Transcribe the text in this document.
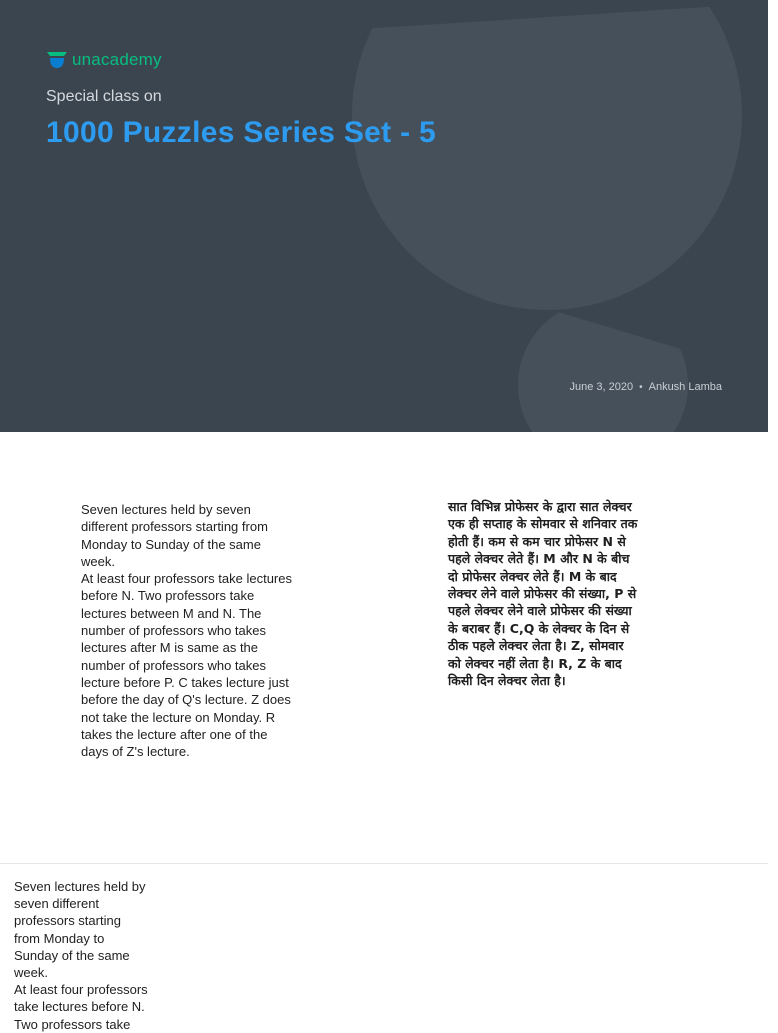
unacademy
Special class on
1000 Puzzles Series Set - 5
June 3, 2020 • Ankush Lamba

Seven lectures held by seven
different professors starting from
Monday to Sunday of the same
week.
At least four professors take lectures
before N. Two professors take
lectures between M and N. The
number of professors who takes
lectures after M is same as the
number of professors who takes
lecture before P. C takes lecture just
before the day of Q's lecture. Z does
not take the lecture on Monday. R
takes the lecture after one of the
days of Z's lecture.

सात विभिन्न प्रोफेसर के द्वारा सात लेक्चर एक ही सप्ताह के सोमवार से शनिवार तक होती हैं। कम से कम चार प्रोफेसर N से पहले लेक्चर लेते हैं। M और N के बीच दो प्रोफेसर लेक्चर लेते हैं। M के बाद लेक्चर लेने वाले प्रोफेसर की संख्या, P से पहले लेक्चर लेने वाले प्रोफेसर की संख्या के बराबर हैं। C,Q के लेक्चर के दिन से ठीक पहले लेक्चर लेता है। Z, सोमवार को लेक्चर नहीं लेता है। R, Z के बाद किसी दिन लेक्चर लेता है।

Seven lectures held by
seven different
professors starting
from Monday to
Sunday of the same
week.
At least four professors
take lectures before N.
Two professors take
